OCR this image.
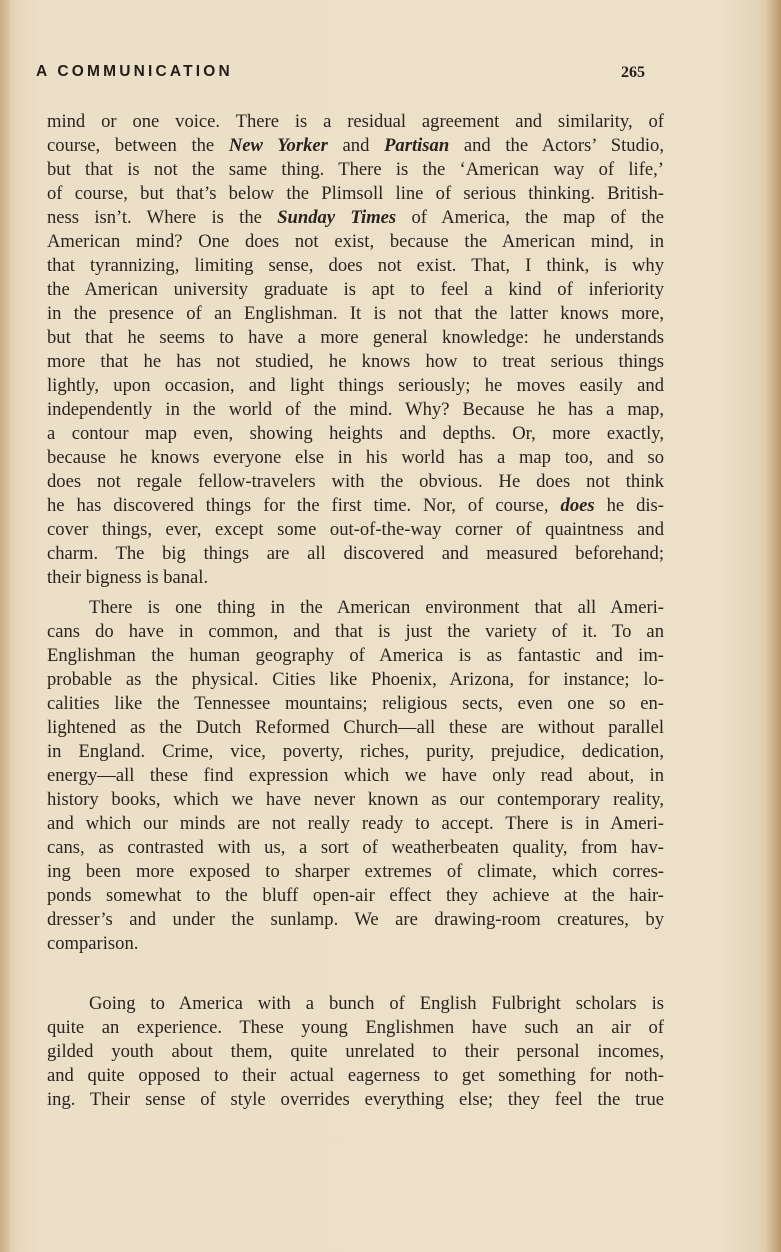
A COMMUNICATION	265
mind or one voice. There is a residual agreement and similarity, of
course, between the New Yorker and Partisan and the Actors’ Studio,
but that is not the same thing. There is the ‘American way of life,’
of course, but that’s below the Plimsoll line of serious thinking. British-
ness isn’t. Where is the Sunday Times of America, the map of the
American mind? One does not exist, because the American mind, in
that tyrannizing, limiting sense, does not exist. That, I think, is why
the American university graduate is apt to feel a kind of inferiority
in the presence of an Englishman. It is not that the latter knows more,
but that he seems to have a more general knowledge: he understands
more that he has not studied, he knows how to treat serious things
lightly, upon occasion, and light things seriously; he moves easily and
independently in the world of the mind. Why? Because he has a map,
a contour map even, showing heights and depths. Or, more exactly,
because he knows everyone else in his world has a map too, and so
does not regale fellow-travelers with the obvious. He does not think
he has discovered things for the first time. Nor, of course, does he dis-
cover things, ever, except some out-of-the-way corner of quaintness and
charm. The big things are all discovered and measured beforehand;
their bigness is banal.
There is one thing in the American environment that all Ameri-
cans do have in common, and that is just the variety of it. To an
Englishman the human geography of America is as fantastic and im-
probable as the physical. Cities like Phoenix, Arizona, for instance; lo-
calities like the Tennessee mountains; religious sects, even one so en-
lightened as the Dutch Reformed Church—all these are without parallel
in England. Crime, vice, poverty, riches, purity, prejudice, dedication,
energy—all these find expression which we have only read about, in
history books, which we have never known as our contemporary reality,
and which our minds are not really ready to accept. There is in Ameri-
cans, as contrasted with us, a sort of weatherbeaten quality, from hav-
ing been more exposed to sharper extremes of climate, which corres-
ponds somewhat to the bluff open-air effect they achieve at the hair-
dresser’s and under the sunlamp. We are drawing-room creatures, by
comparison.
Going to America with a bunch of English Fulbright scholars is
quite an experience. These young Englishmen have such an air of
gilded youth about them, quite unrelated to their personal incomes,
and quite opposed to their actual eagerness to get something for noth-
ing. Their sense of style overrides everything else; they feel the true
